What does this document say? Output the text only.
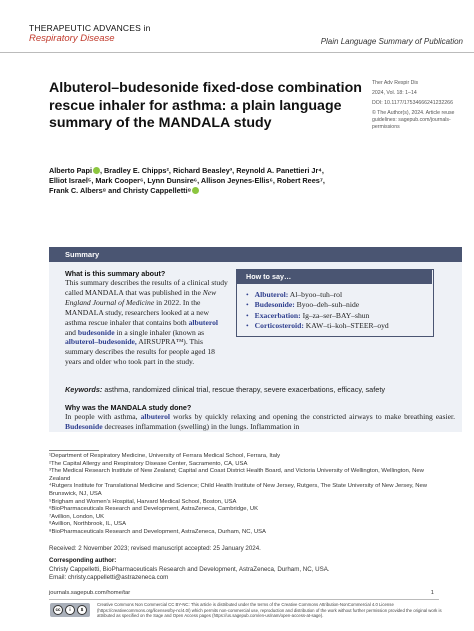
THERAPEUTIC ADVANCES in
Respiratory Disease	Plain Language Summary of Publication
Albuterol–budesonide fixed-dose combination rescue inhaler for asthma: a plain language summary of the MANDALA study
Ther Adv Respir Dis
2024, Vol. 18: 1–14
DOI: 10.1177/17534666241232266
© The Author(s), 2024. Article reuse guidelines: sagepub.com/journals-permissions
Alberto Papi , Bradley E. Chipps², Richard Beasley³, Reynold A. Panettieri Jr⁴,
Elliot Israel⁵, Mark Cooper⁶, Lynn Dunsire⁶, Allison Jeynes-Ellis⁶, Robert Rees⁷,
Frank C. Albers⁸ and Christy Cappelletti⁸
Summary
What is this summary about?
This summary describes the results of a clinical study called MANDALA that was published in the New England Journal of Medicine in 2022. In the MANDALA study, researchers looked at a new asthma rescue inhaler that contains both albuterol and budesonide in a single inhaler (known as albuterol–budesonide, AIRSUPRA™). This summary describes the results for people aged 18 years and older who took part in the study.
How to say…
• Albuterol: Al–byoo–tuh–rol
• Budesonide: Byoo–deh–suh–nide
• Exacerbation: Ig–za–ser–BAY–shun
• Corticosteroid: KAW–ti–koh–STEER–oyd
Keywords: asthma, randomized clinical trial, rescue therapy, severe exacerbations, efficacy, safety
Why was the MANDALA study done?
In people with asthma, albuterol works by quickly relaxing and opening the constricted airways to make breathing easier. Budesonide decreases inflammation (swelling) in the lungs. Inflammation in
¹Department of Respiratory Medicine, University of Ferrara Medical School, Ferrara, Italy
²The Capital Allergy and Respiratory Disease Center, Sacramento, CA, USA
³The Medical Research Institute of New Zealand; Capital and Coast District Health Board, and Victoria University of Wellington, Wellington, New Zealand
⁴Rutgers Institute for Translational Medicine and Science; Child Health Institute of New Jersey, Rutgers, The State University of New Jersey, New Brunswick, NJ, USA
⁵Brigham and Women's Hospital, Harvard Medical School, Boston, USA
⁶BioPharmaceuticals Research and Development, AstraZeneca, Cambridge, UK
⁷Avillion, London, UK
⁸Avillion, Northbrook, IL, USA
⁸BioPharmaceuticals Research and Development, AstraZeneca, Durham, NC, USA
Received: 2 November 2023; revised manuscript accepted: 25 January 2024.
Corresponding author:
Christy Cappelletti, BioPharmaceuticals Research and Development, AstraZeneca, Durham, NC, USA.
Email: christy.cappelletti@astrazeneca.com
journals.sagepub.com/home/tar	1
cc	i	$
Creative Commons Non Commercial CC BY-NC: This article is distributed under the terms of the Creative Commons Attribution-NonCommercial 4.0 License (https://creativecommons.org/licenses/by-nc/4.0/) which permits non-commercial use, reproduction and distribution of the work without further permission provided the original work is attributed as specified on the Sage and Open Access pages (https://us.sagepub.com/en-us/nam/open-access-at-sage).
